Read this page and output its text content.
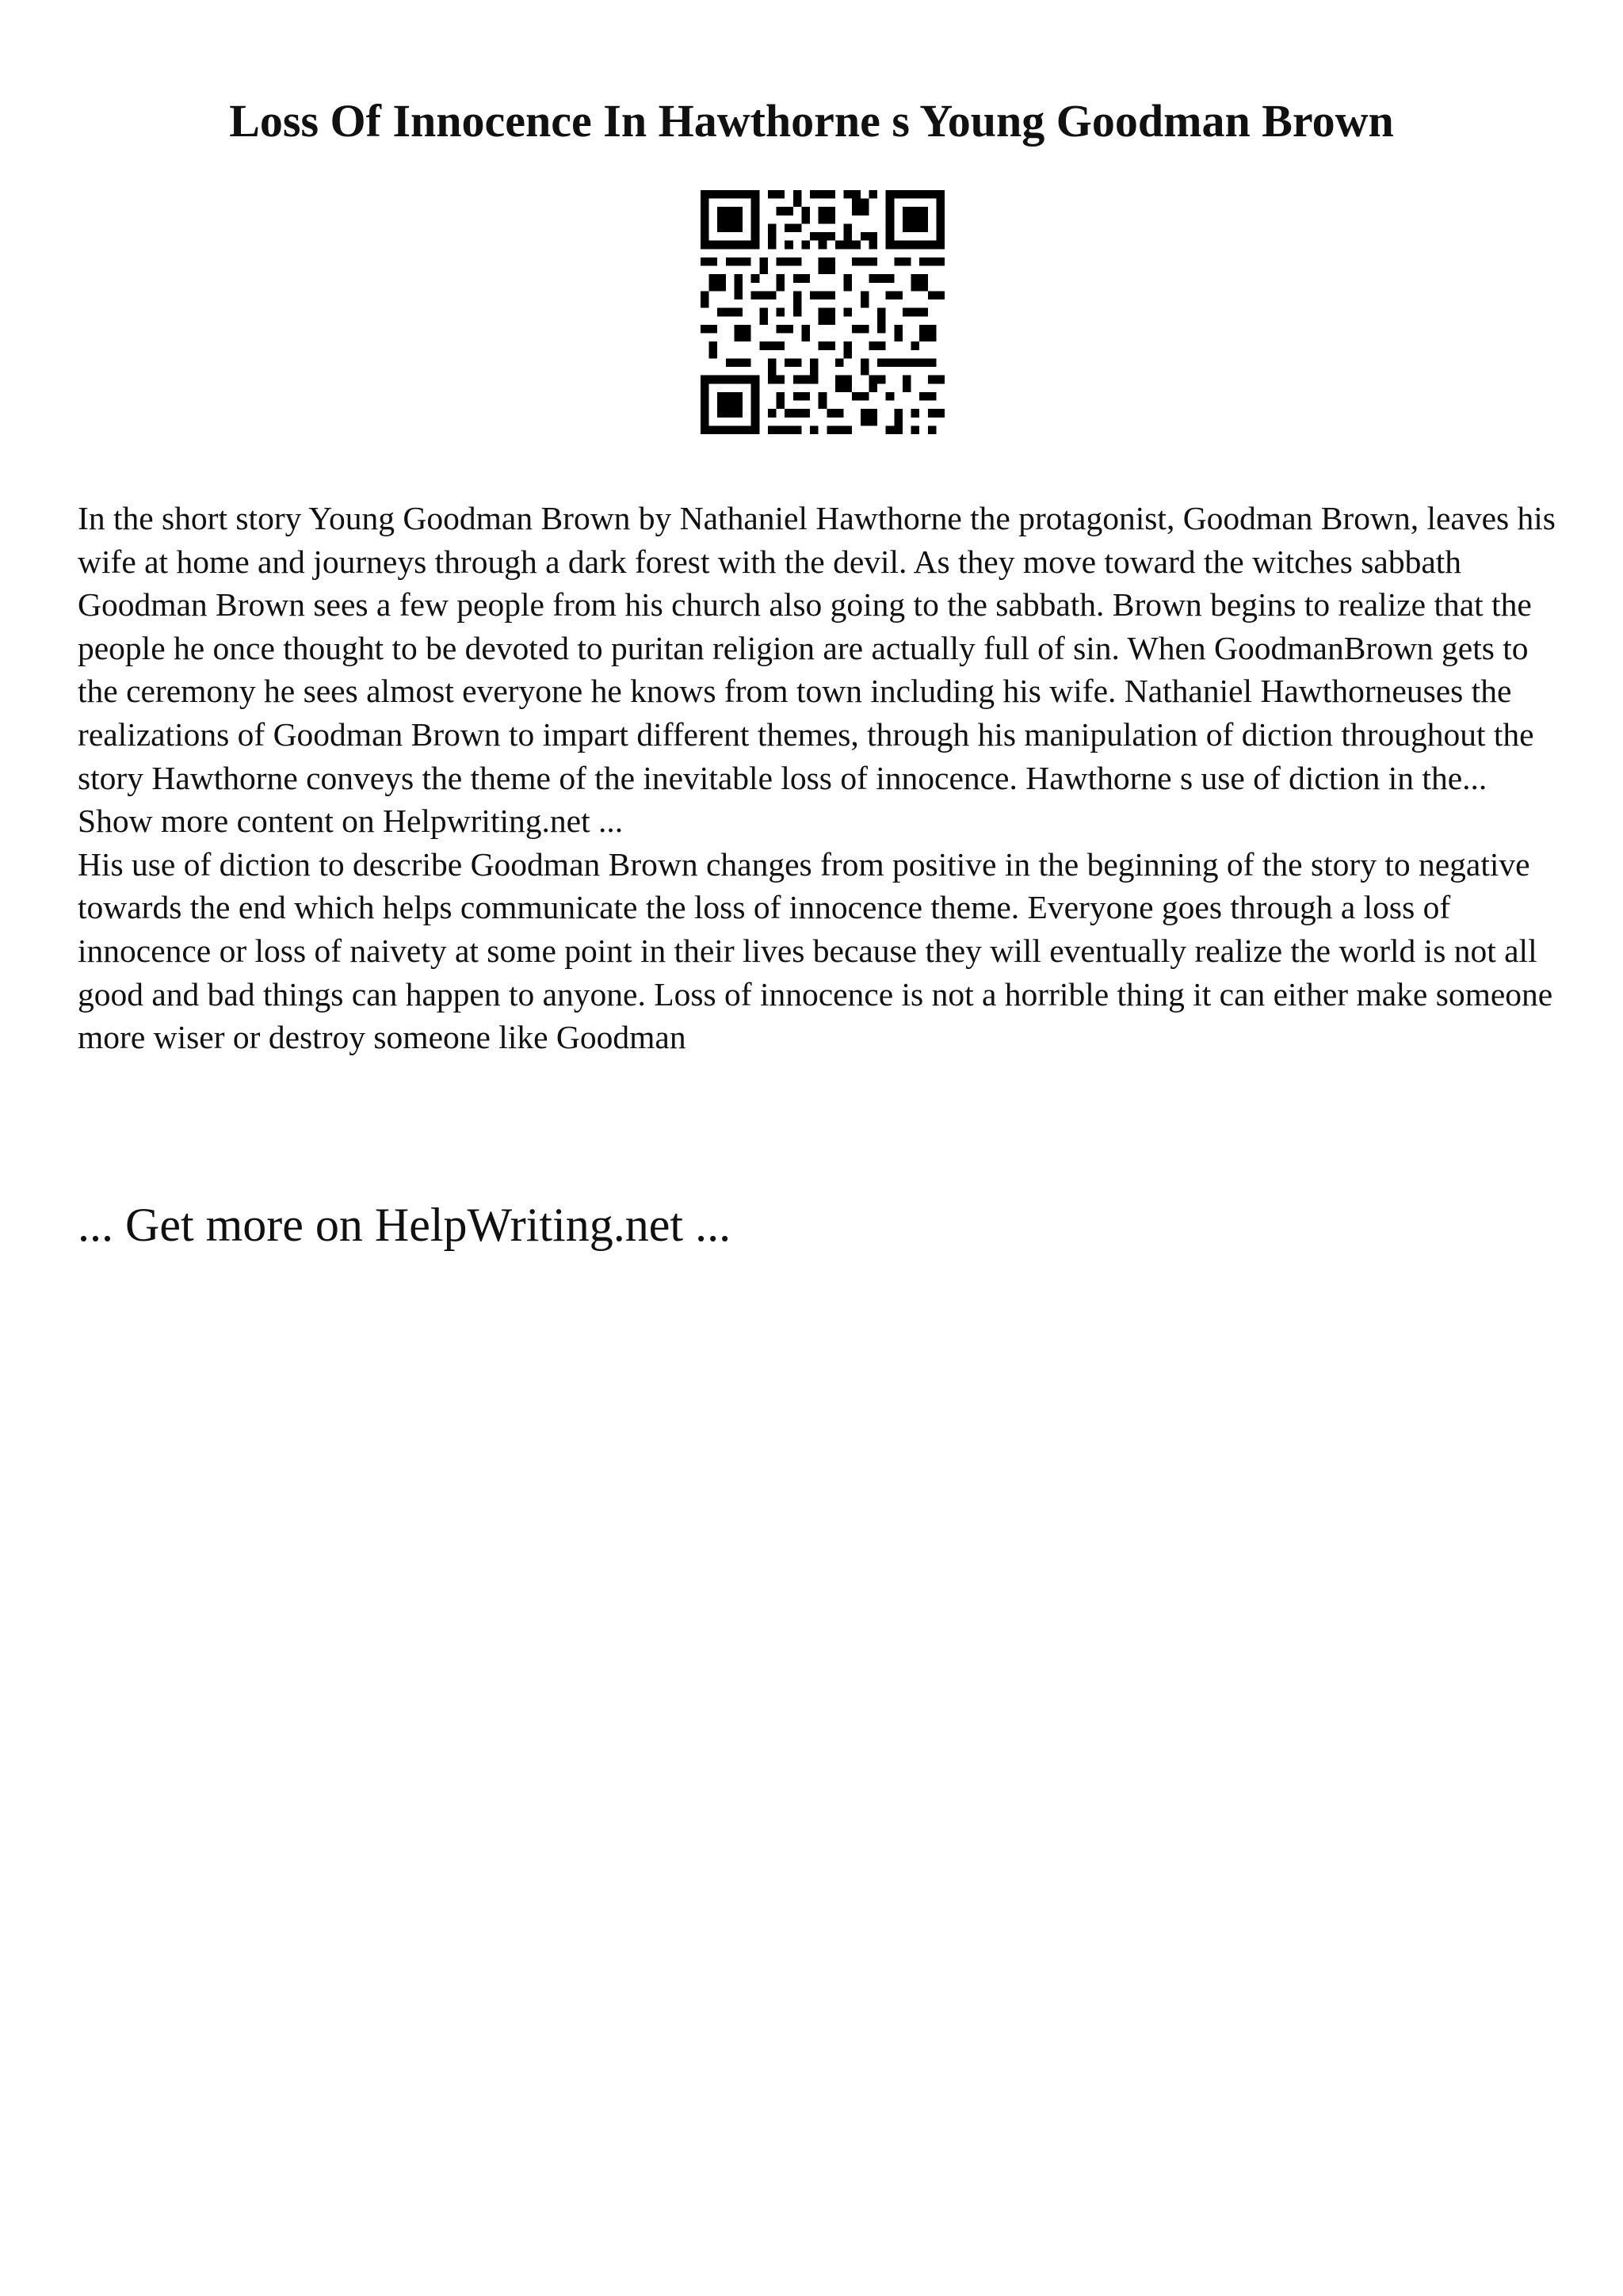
Loss Of Innocence In Hawthorne s Young Goodman Brown

In the short story Young Goodman Brown by Nathaniel Hawthorne the protagonist, Goodman Brown, leaves his wife at home and journeys through a dark forest with the devil. As they move toward the witches sabbath Goodman Brown sees a few people from his church also going to the sabbath. Brown begins to realize that the people he once thought to be devoted to puritan religion are actually full of sin. When GoodmanBrown gets to the ceremony he sees almost everyone he knows from town including his wife. Nathaniel Hawthorneuses the realizations of Goodman Brown to impart different themes, through his manipulation of diction throughout the story Hawthorne conveys the theme of the inevitable loss of innocence. Hawthorne s use of diction in the... Show more content on Helpwriting.net ...

His use of diction to describe Goodman Brown changes from positive in the beginning of the story to negative towards the end which helps communicate the loss of innocence theme. Everyone goes through a loss of innocence or loss of naivety at some point in their lives because they will eventually realize the world is not all good and bad things can happen to anyone. Loss of innocence is not a horrible thing it can either make someone more wiser or destroy someone like Goodman

... Get more on HelpWriting.net ...
